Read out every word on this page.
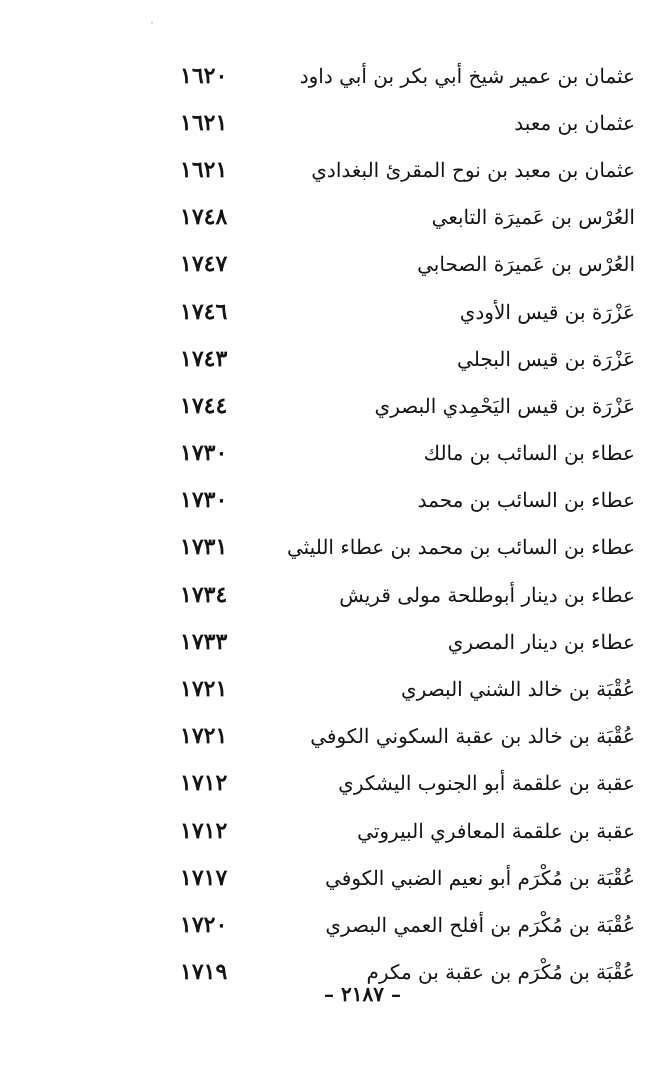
عثمان بن عمير شيخ أبي بكر بن أبي داود
١٦٢٠
عثمان بن معبد
١٦٢١
عثمان بن معبد بن نوح المقرئ البغدادي
١٦٢١
العُرْس بن عَميرَة التابعي
١٧٤٨
العُرْس بن عَميرَة الصحابي
١٧٤٧
عَزْرَة بن قيس الأودي
١٧٤٦
عَزْرَة بن قيس البجلي
١٧٤٣
عَزْرَة بن قيس اليَحْمِدي البصري
١٧٤٤
عطاء بن السائب بن مالك
١٧٣٠
عطاء بن السائب بن محمد
١٧٣٠
عطاء بن السائب بن محمد بن عطاء الليثي
١٧٣١
عطاء بن دينار أبوطلحة مولى قريش
١٧٣٤
عطاء بن دينار المصري
١٧٣٣
عُقْبَة بن خالد الشني البصري
١٧٢١
عُقْبَة بن خالد بن عقبة السكوني الكوفي
١٧٢١
عقبة بن علقمة أبو الجنوب اليشكري
١٧١٢
عقبة بن علقمة المعافري البيروتي
١٧١٢
عُقْبَة بن مُكْرَم أبو نعيم الضبي الكوفي
١٧١٧
عُقْبَة بن مُكْرَم بن أفلح العمي البصري
١٧٢٠
عُقْبَة بن مُكْرَم بن عقبة بن مكرم
١٧١٩
– ٢١٨٧ –
